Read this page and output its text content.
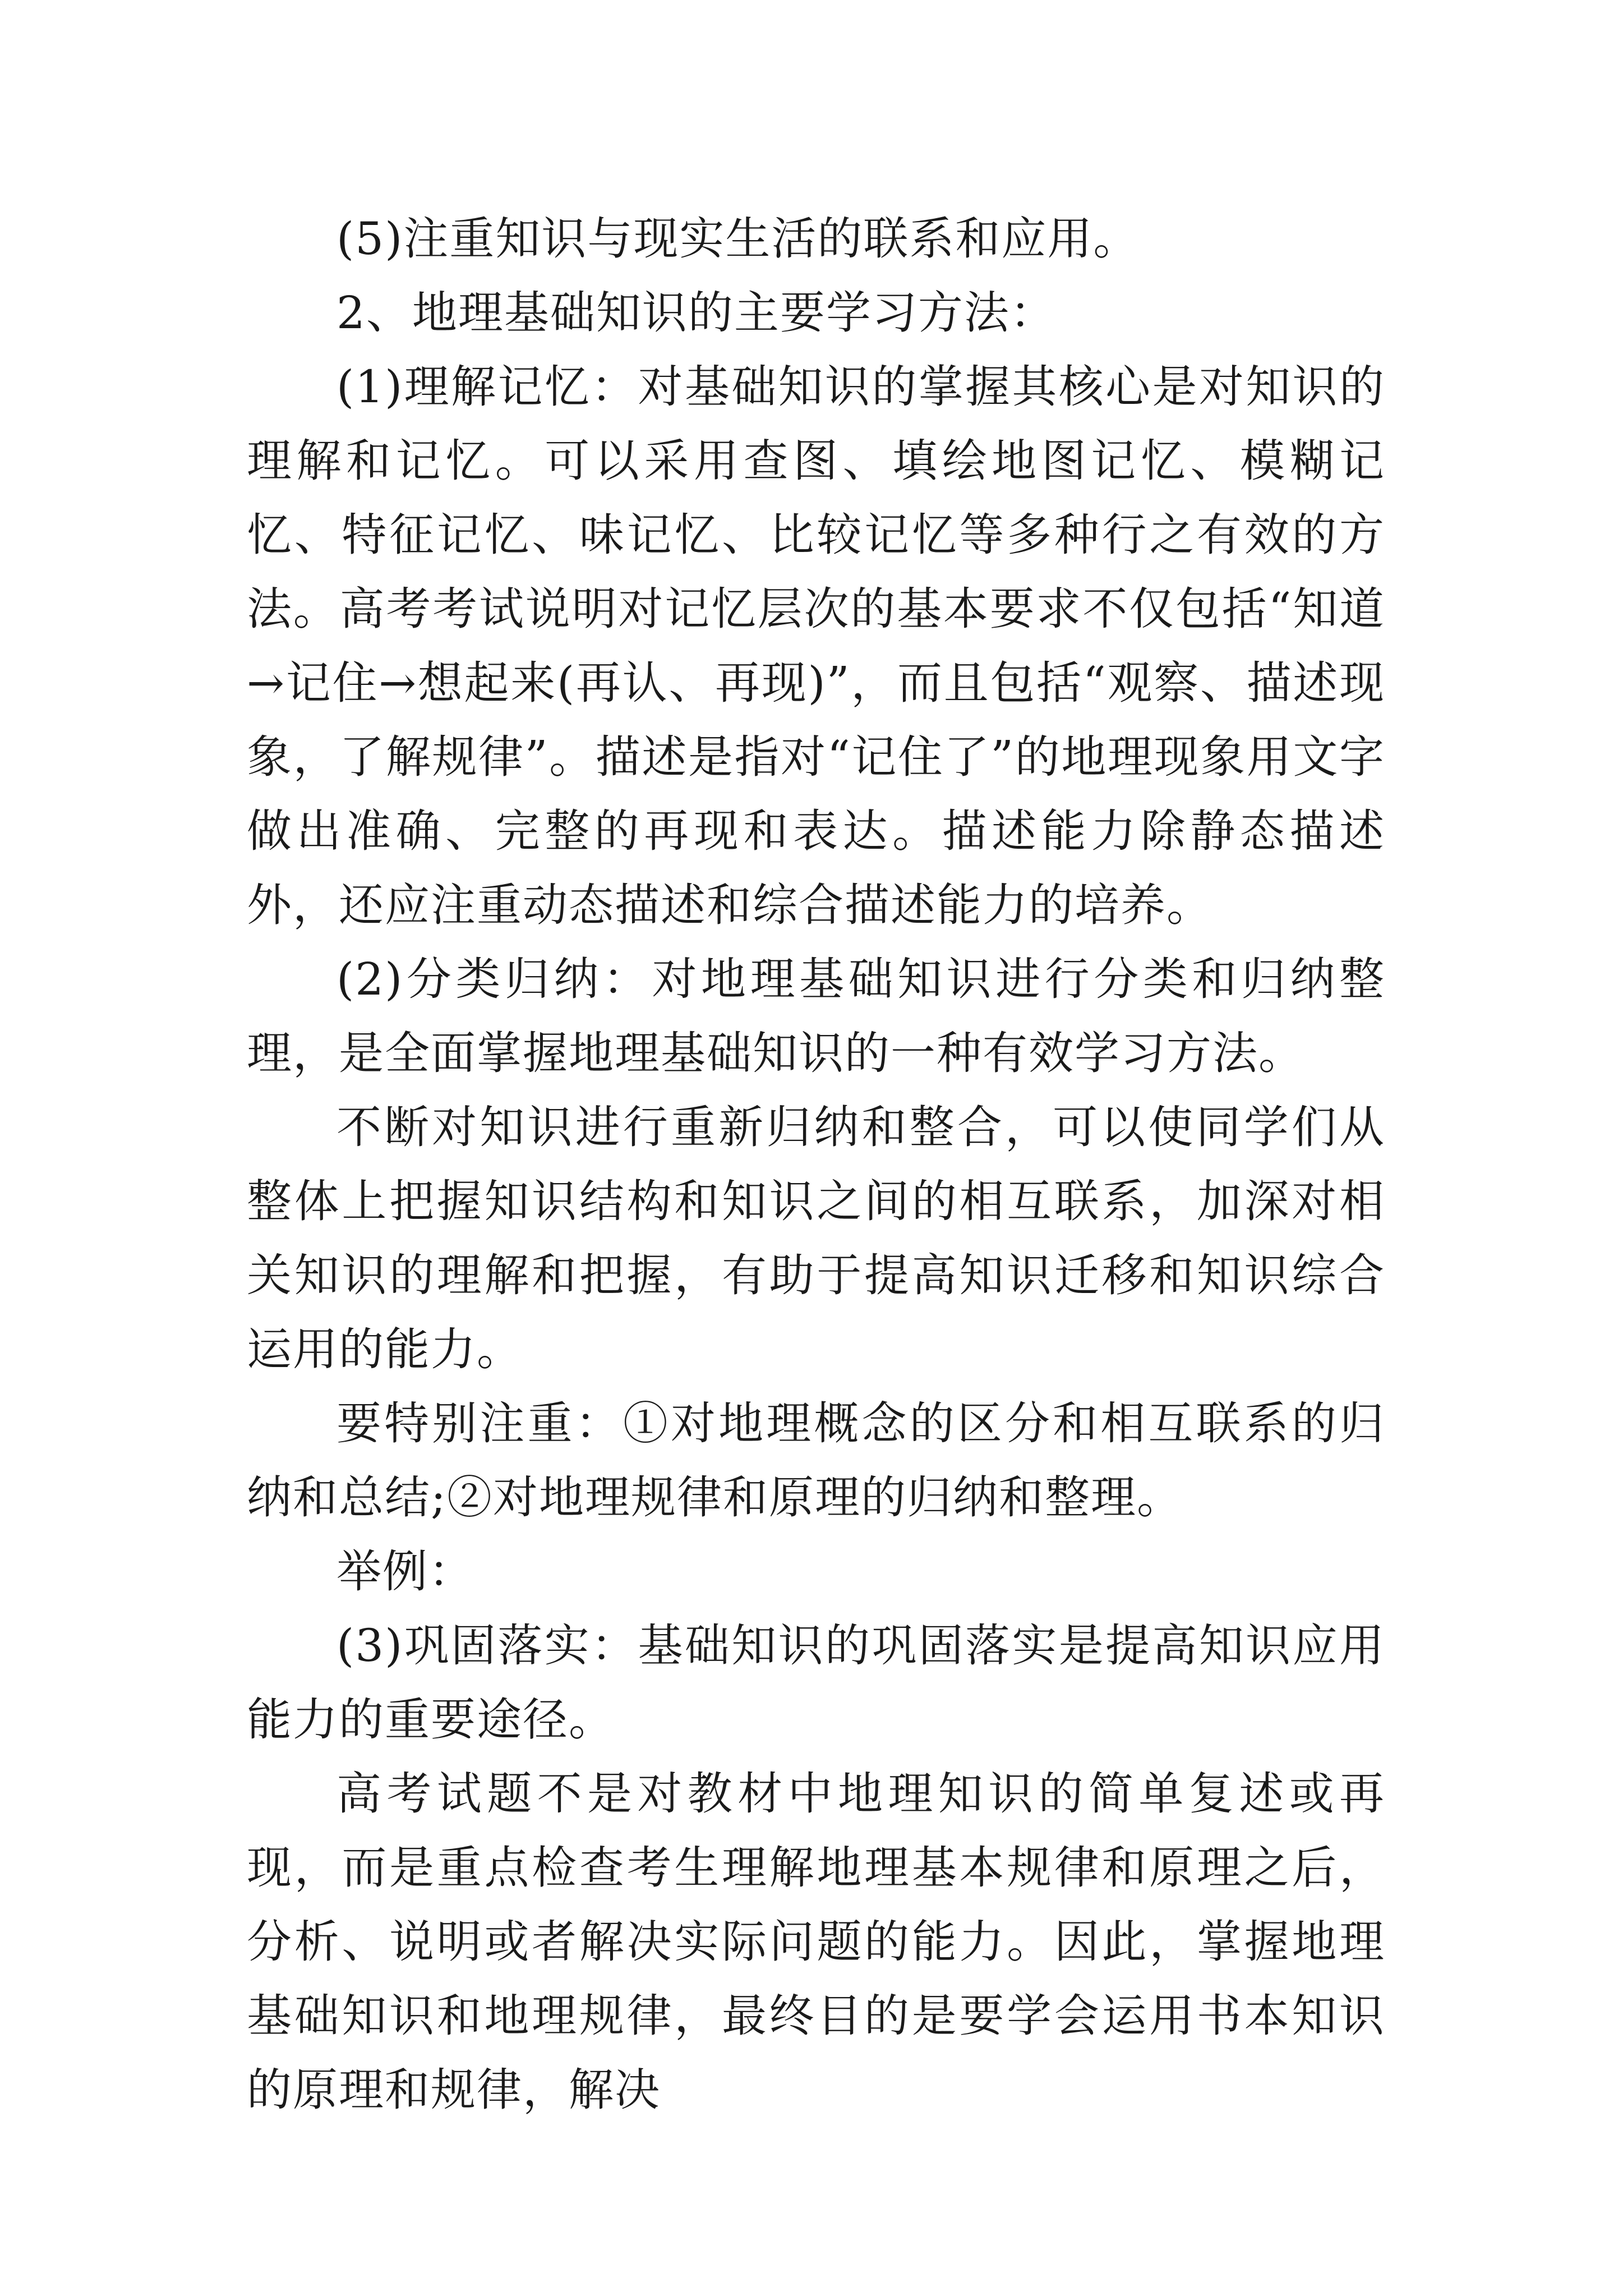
(5)注重知识与现实生活的联系和应用。

2、地理基础知识的主要学习方法：

(1)理解记忆：对基础知识的掌握其核心是对知识的理解和记忆。可以采用查图、填绘地图记忆、模糊记忆、特征记忆、味记忆、比较记忆等多种行之有效的方法。高考考试说明对记忆层次的基本要求不仅包括“知道→记住→想起来(再认、再现)”，而且包括“观察、描述现象，了解规律”。描述是指对“记住了”的地理现象用文字做出准确、完整的再现和表达。描述能力除静态描述外，还应注重动态描述和综合描述能力的培养。

(2)分类归纳：对地理基础知识进行分类和归纳整理，是全面掌握地理基础知识的一种有效学习方法。

不断对知识进行重新归纳和整合，可以使同学们从整体上把握知识结构和知识之间的相互联系，加深对相关知识的理解和把握，有助于提高知识迁移和知识综合运用的能力。

要特别注重：①对地理概念的区分和相互联系的归纳和总结;②对地理规律和原理的归纳和整理。

举例：

(3)巩固落实：基础知识的巩固落实是提高知识应用能力的重要途径。

高考试题不是对教材中地理知识的简单复述或再现，而是重点检查考生理解地理基本规律和原理之后，分析、说明或者解决实际问题的能力。因此，掌握地理基础知识和地理规律，最终目的是要学会运用书本知识的原理和规律，解决
